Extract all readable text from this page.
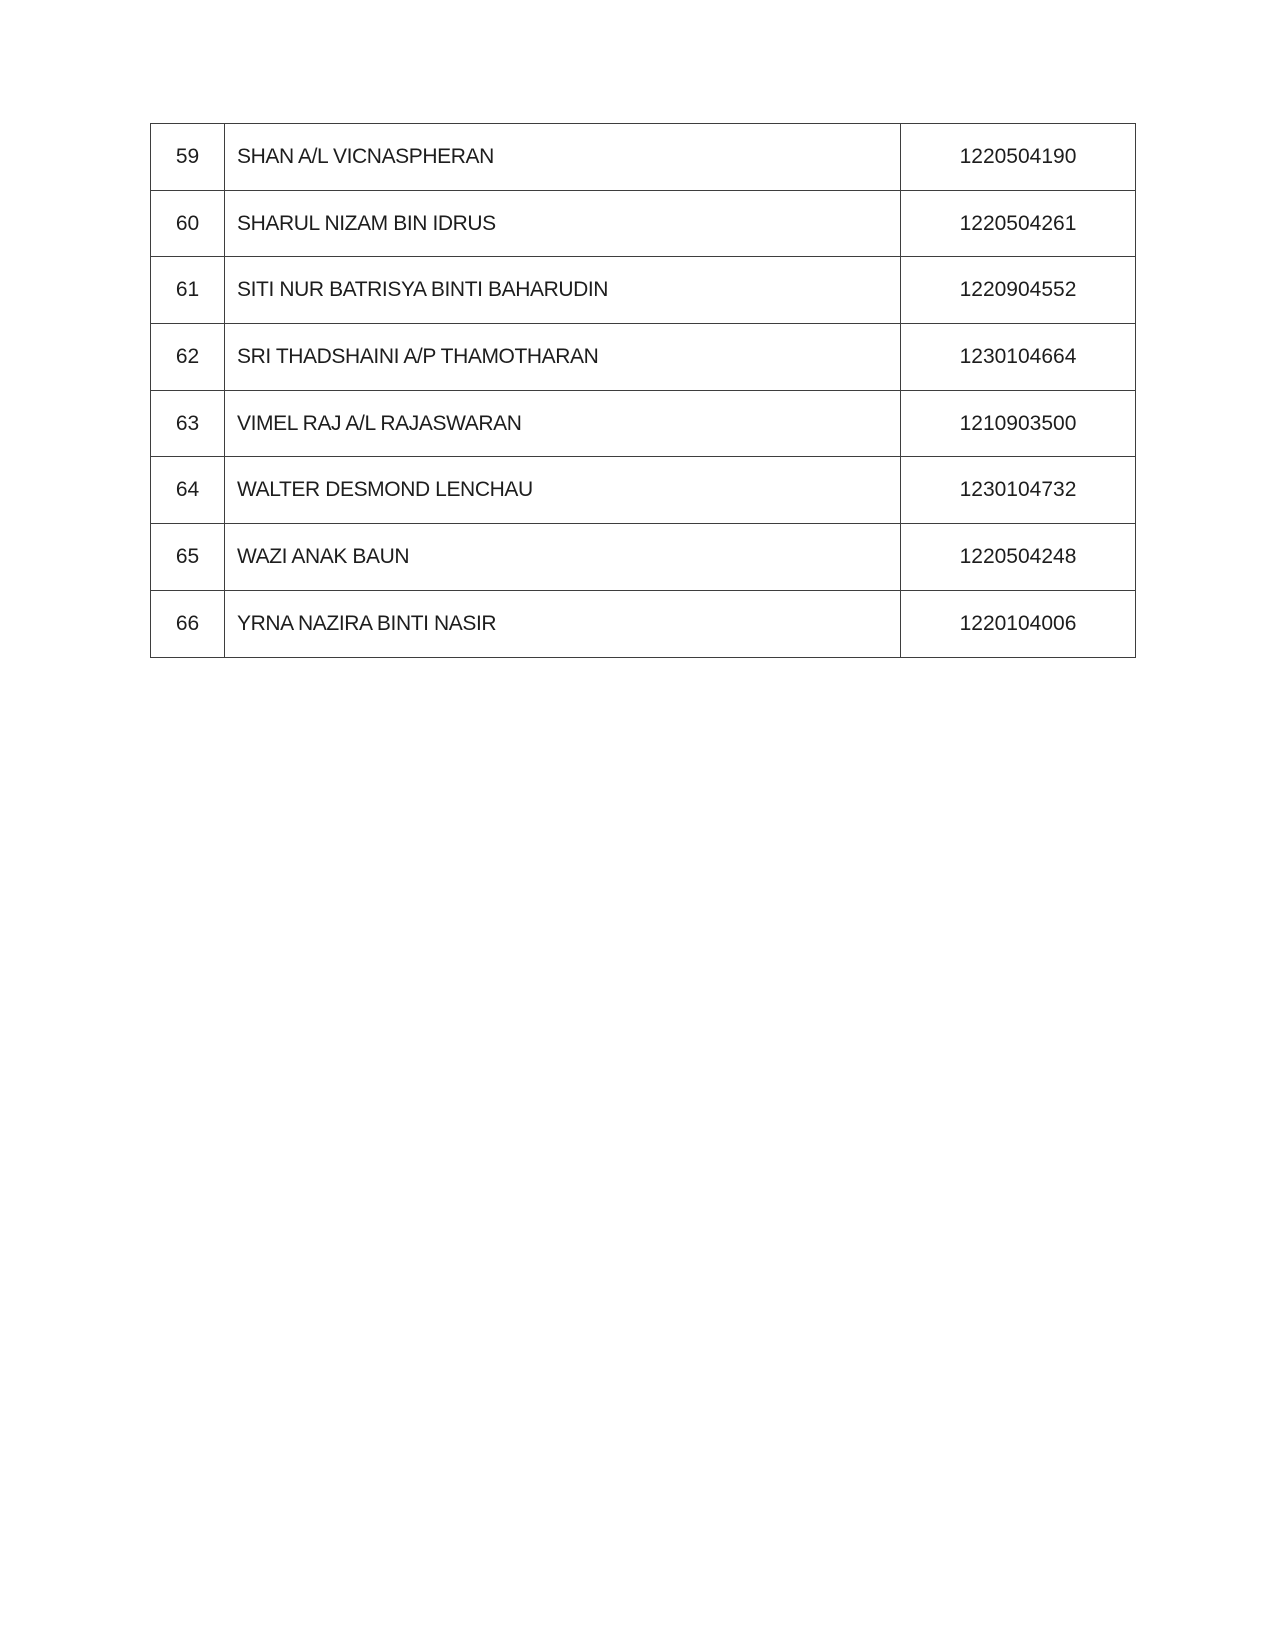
59	SHAN A/L VICNASPHERAN	1220504190
60	SHARUL NIZAM BIN IDRUS	1220504261
61	SITI NUR BATRISYA BINTI BAHARUDIN	1220904552
62	SRI THADSHAINI A/P THAMOTHARAN	1230104664
63	VIMEL RAJ A/L RAJASWARAN	1210903500
64	WALTER DESMOND LENCHAU	1230104732
65	WAZI ANAK BAUN	1220504248
66	YRNA NAZIRA BINTI NASIR	1220104006
